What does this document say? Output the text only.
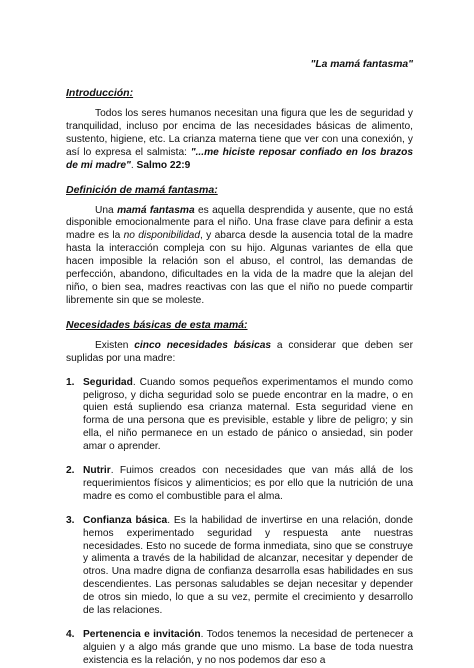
"La mamá fantasma"
Introducción:

Todos los seres humanos necesitan una figura que les de seguridad y tranquilidad, incluso por encima de las necesidades básicas de alimento, sustento, higiene, etc. La crianza materna tiene que ver con una conexión, y así lo expresa el salmista: "...me hiciste reposar confiado en los brazos de mi madre". Salmo 22:9

Definición de mamá fantasma:

Una mamá fantasma es aquella desprendida y ausente, que no está disponible emocionalmente para el niño. Una frase clave para definir a esta madre es la no disponibilidad, y abarca desde la ausencia total de la madre hasta la interacción compleja con su hijo. Algunas variantes de ella que hacen imposible la relación son el abuso, el control, las demandas de perfección, abandono, dificultades en la vida de la madre que la alejan del niño, o bien sea, madres reactivas con las que el niño no puede compartir libremente sin que se moleste.

Necesidades básicas de esta mamá:

Existen cinco necesidades básicas a considerar que deben ser suplidas por una madre:

1. Seguridad. Cuando somos pequeños experimentamos el mundo como peligroso, y dicha seguridad solo se puede encontrar en la madre, o en quien está supliendo esa crianza maternal. Esta seguridad viene en forma de una persona que es previsible, estable y libre de peligro; y sin ella, el niño permanece en un estado de pánico o ansiedad, sin poder amar o aprender.
2. Nutrir. Fuimos creados con necesidades que van más allá de los requerimientos físicos y alimenticios; es por ello que la nutrición de una madre es como el combustible para el alma.
3. Confianza básica. Es la habilidad de invertirse en una relación, donde hemos experimentado seguridad y respuesta ante nuestras necesidades. Esto no sucede de forma inmediata, sino que se construye y alimenta a través de la habilidad de alcanzar, necesitar y depender de otros. Una madre digna de confianza desarrolla esas habilidades en sus descendientes. Las personas saludables se dejan necesitar y depender de otros sin miedo, lo que a su vez, permite el crecimiento y desarrollo de las relaciones.
4. Pertenencia e invitación. Todos tenemos la necesidad de pertenecer a alguien y a algo más grande que uno mismo. La base de toda nuestra existencia es la relación, y no nos podemos dar eso a
